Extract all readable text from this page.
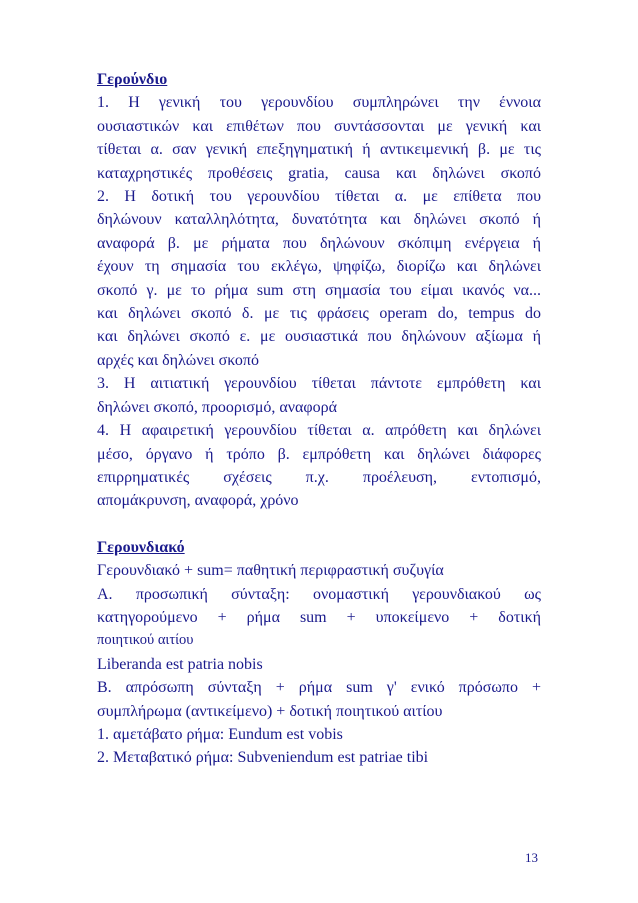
Γερούνδιο

1. Η γενική του γερουνδίου συμπληρώνει την έννοια

ουσιαστικών και επιθέτων που συντάσσονται με γενική και

τίθεται α. σαν γενική επεξηγηματική ή αντικειμενική β. με τις

καταχρηστικές προθέσεις gratia, causa και δηλώνει σκοπό

2. Η δοτική του γερουνδίου τίθεται α. με επίθετα που

δηλώνουν καταλληλότητα, δυνατότητα και δηλώνει σκοπό ή

αναφορά β. με ρήματα που δηλώνουν σκόπιμη ενέργεια ή

έχουν τη σημασία του εκλέγω, ψηφίζω, διορίζω και δηλώνει

σκοπό γ. με το ρήμα sum στη σημασία του είμαι ικανός να...

και δηλώνει σκοπό δ. με τις φράσεις operam do, tempus do

και δηλώνει σκοπό ε. με ουσιαστικά που δηλώνουν αξίωμα ή

αρχές και δηλώνει σκοπό

3. Η αιτιατική γερουνδίου τίθεται πάντοτε εμπρόθετη και

δηλώνει σκοπό, προορισμό, αναφορά

4. Η αφαιρετική γερουνδίου τίθεται α. απρόθετη και δηλώνει

μέσο, όργανο ή τρόπο β. εμπρόθετη και δηλώνει διάφορες

επιρρηματικές σχέσεις π.χ. προέλευση, εντοπισμό,

απομάκρυνση, αναφορά, χρόνο

Γερουνδιακό

Γερουνδιακό + sum= παθητική περιφραστική συζυγία

Α. προσωπική σύνταξη: ονομαστική γερουνδιακού ως

κατηγορούμενο + ρήμα sum + υποκείμενο + δοτική

ποιητικού αιτίου

Liberanda est patria nobis

Β. απρόσωπη σύνταξη + ρήμα sum γ' ενικό πρόσωπο +

συμπλήρωμα (αντικείμενο) + δοτική ποιητικού αιτίου

1. αμετάβατο ρήμα: Eundum est vobis

2. Μεταβατικό ρήμα: Subveniendum est patriae tibi

13
